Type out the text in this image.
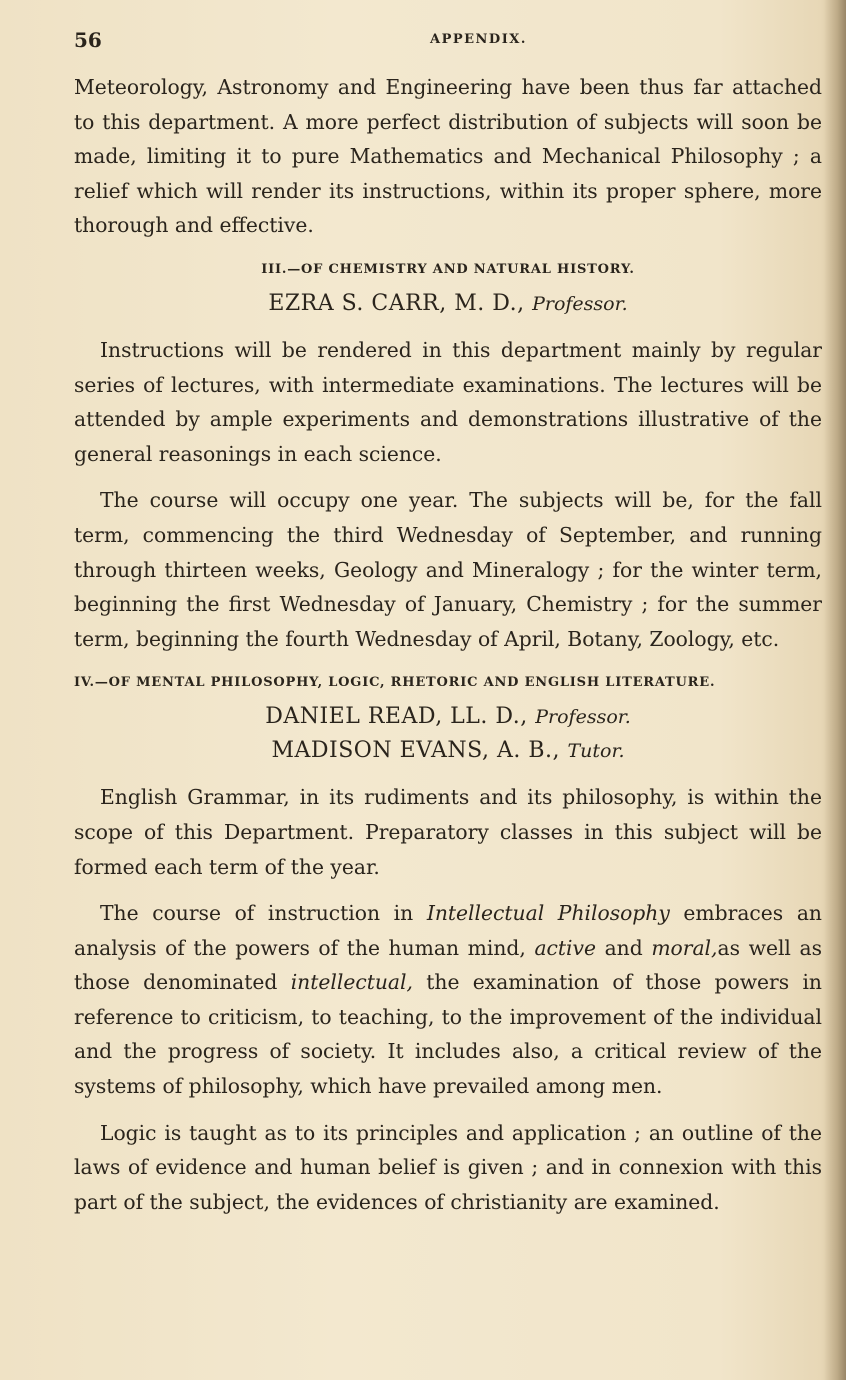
56	APPENDIX.

Meteorology, Astronomy and Engineering have been thus far attached to this department. A more perfect distribution of subjects will soon be made, limiting it to pure Mathematics and Mechanical Philosophy ; a relief which will render its instructions, within its proper sphere, more thorough and effective.

III.—OF CHEMISTRY AND NATURAL HISTORY.
EZRA S. CARR, M. D., Professor.

Instructions will be rendered in this department mainly by regular series of lectures, with intermediate examinations. The lectures will be attended by ample experiments and demonstrations illustrative of the general reasonings in each science.

The course will occupy one year. The subjects will be, for the fall term, commencing the third Wednesday of September, and running through thirteen weeks, Geology and Mineralogy ; for the winter term, beginning the first Wednesday of January, Chemistry ; for the summer term, beginning the fourth Wednesday of April, Botany, Zoology, etc.

IV.—OF MENTAL PHILOSOPHY, LOGIC, RHETORIC AND ENGLISH LITERATURE.
DANIEL READ, LL. D., Professor.
MADISON EVANS, A. B., Tutor.

English Grammar, in its rudiments and its philosophy, is within the scope of this Department. Preparatory classes in this subject will be formed each term of the year.

The course of instruction in Intellectual Philosophy embraces an analysis of the powers of the human mind, active and moral,as well as those denominated intellectual, the examination of those powers in reference to criticism, to teaching, to the improvement of the individual and the progress of society. It includes also, a critical review of the systems of philosophy, which have prevailed among men.

Logic is taught as to its principles and application ; an outline of the laws of evidence and human belief is given ; and in connexion with this part of the subject, the evidences of christianity are examined.
